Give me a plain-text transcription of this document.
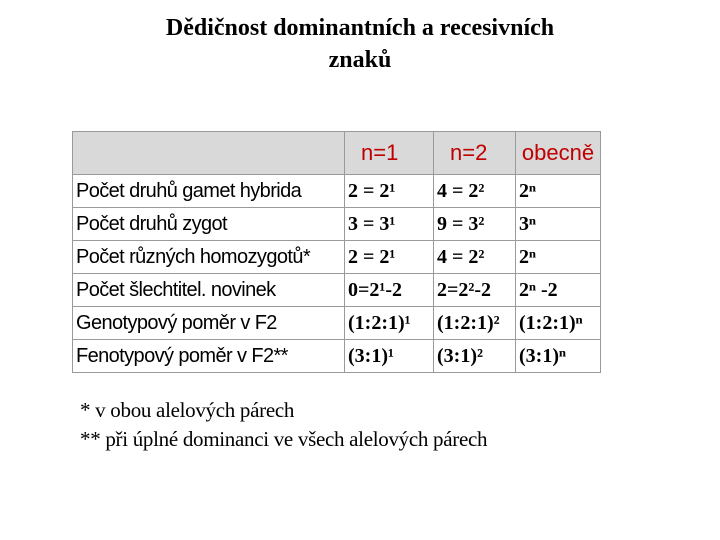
Dědičnost dominantních a recesivních
znaků
	n=1	n=2	obecně
Počet druhů gamet hybrida	2 = 2¹	4 = 2²	2ⁿ
Počet druhů zygot	3 = 3¹	9 = 3²	3ⁿ
Počet různých homozygotů*	2 = 2¹	4 = 2²	2ⁿ
Počet šlechtitel. novinek	0=2¹-2	2=2²-2	2ⁿ -2
Genotypový poměr v F2	(1:2:1)¹	(1:2:1)²	(1:2:1)ⁿ
Fenotypový poměr v F2**	(3:1)¹	(3:1)²	(3:1)ⁿ
* v obou alelových párech
** při úplné dominanci ve všech alelových párech
